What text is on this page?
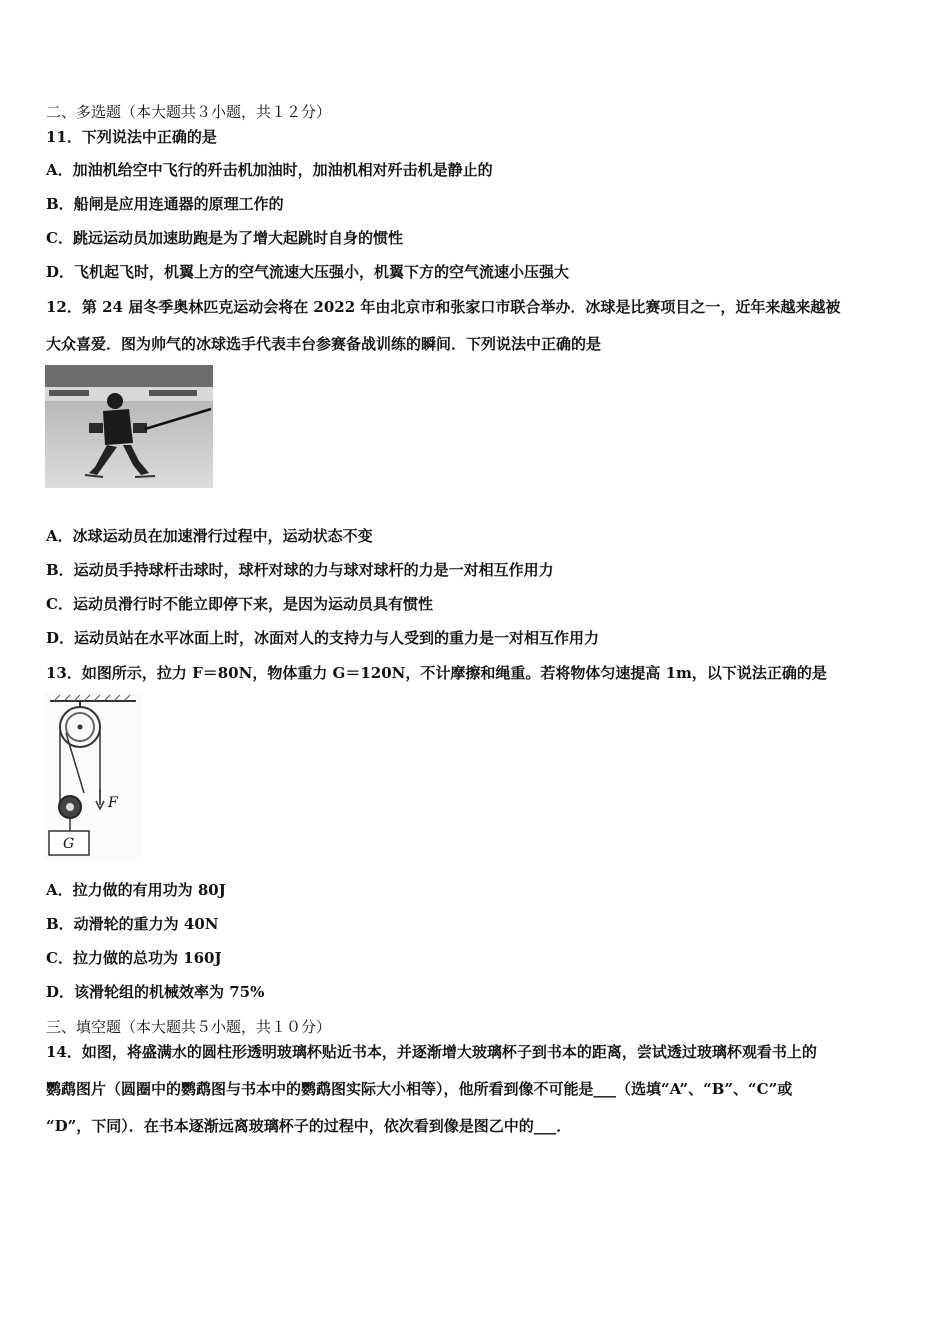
二、多选题（本大题共３小题，共１２分）
11．下列说法中正确的是
A．加油机给空中飞行的歼击机加油时，加油机相对歼击机是静止的
B．船闸是应用连通器的原理工作的
C．跳远运动员加速助跑是为了增大起跳时自身的惯性
D．飞机起飞时，机翼上方的空气流速大压强小，机翼下方的空气流速小压强大
12．第 24 届冬季奥林匹克运动会将在 2022 年由北京市和张家口市联合举办．冰球是比赛项目之一，近年来越来越被
大众喜爱．图为帅气的冰球选手代表丰台参赛备战训练的瞬间．下列说法中正确的是
A．冰球运动员在加速滑行过程中，运动状态不变
B．运动员手持球杆击球时，球杆对球的力与球对球杆的力是一对相互作用力
C．运动员滑行时不能立即停下来，是因为运动员具有惯性
D．运动员站在水平冰面上时，冰面对人的支持力与人受到的重力是一对相互作用力
13．如图所示，拉力 F＝80N，物体重力 G＝120N，不计摩擦和绳重。若将物体匀速提高 1m，以下说法正确的是
F
G
A．拉力做的有用功为 80J
B．动滑轮的重力为 40N
C．拉力做的总功为 160J
D．该滑轮组的机械效率为 75%
三、填空题（本大题共５小题，共１０分）
14．如图，将盛满水的圆柱形透明玻璃杯贴近书本，并逐渐增大玻璃杯子到书本的距离，尝试透过玻璃杯观看书上的
鹦鹉图片（圆圈中的鹦鹉图与书本中的鹦鹉图实际大小相等），他所看到像不可能是___（选填“A”、“B”、“C”或
“D”，下同）．在书本逐渐远离玻璃杯子的过程中，依次看到像是图乙中的___．
